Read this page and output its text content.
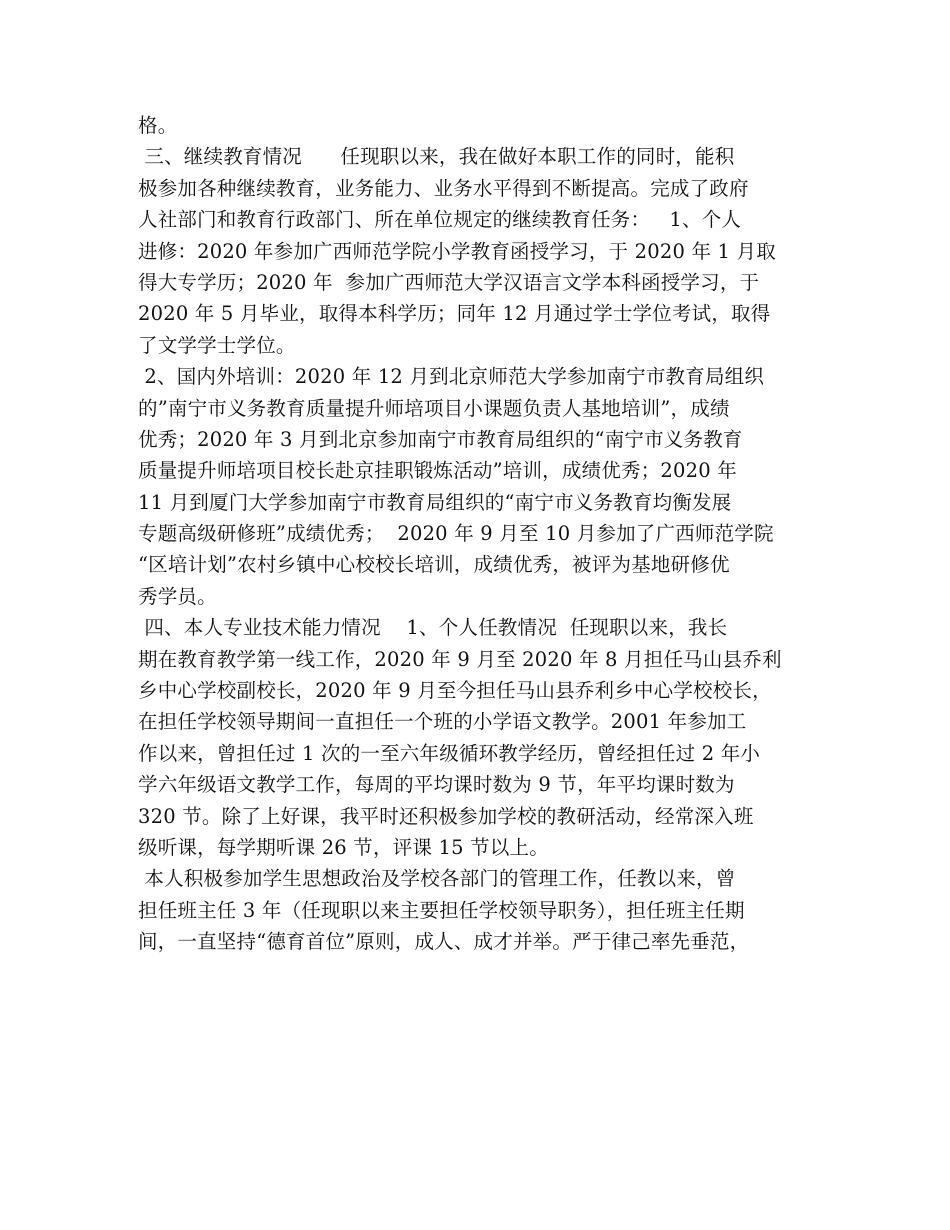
格。
三、继续教育情况      任现职以来，我在做好本职工作的同时，能积
极参加各种继续教育，业务能力、业务水平得到不断提高。完成了政府
人社部门和教育行政部门、所在单位规定的继续教育任务：   1、个人
进修：2020 年参加广西师范学院小学教育函授学习，于 2020 年 1 月取
得大专学历；2020 年  参加广西师范大学汉语言文学本科函授学习，于
2020 年 5 月毕业，取得本科学历；同年 12 月通过学士学位考试，取得
了文学学士学位。
2、国内外培训：2020 年 12 月到北京师范大学参加南宁市教育局组织
的”南宁市义务教育质量提升师培项目小课题负责人基地培训”，成绩
优秀；2020 年 3 月到北京参加南宁市教育局组织的“南宁市义务教育
质量提升师培项目校长赴京挂职锻炼活动”培训，成绩优秀；2020 年
11 月到厦门大学参加南宁市教育局组织的“南宁市义务教育均衡发展
专题高级研修班”成绩优秀；  2020 年 9 月至 10 月参加了广西师范学院
“区培计划”农村乡镇中心校校长培训，成绩优秀，被评为基地研修优
秀学员。
四、本人专业技术能力情况    1、个人任教情况  任现职以来，我长
期在教育教学第一线工作，2020 年 9 月至 2020 年 8 月担任马山县乔利
乡中心学校副校长，2020 年 9 月至今担任马山县乔利乡中心学校校长，
在担任学校领导期间一直担任一个班的小学语文教学。2001 年参加工
作以来，曾担任过 1 次的一至六年级循环教学经历，曾经担任过 2 年小
学六年级语文教学工作，每周的平均课时数为 9 节，年平均课时数为
320 节。除了上好课，我平时还积极参加学校的教研活动，经常深入班
级听课，每学期听课 26 节，评课 15 节以上。
本人积极参加学生思想政治及学校各部门的管理工作，任教以来，曾
担任班主任 3 年（任现职以来主要担任学校领导职务），担任班主任期
间，一直坚持“德育首位”原则，成人、成才并举。严于律己率先垂范，
